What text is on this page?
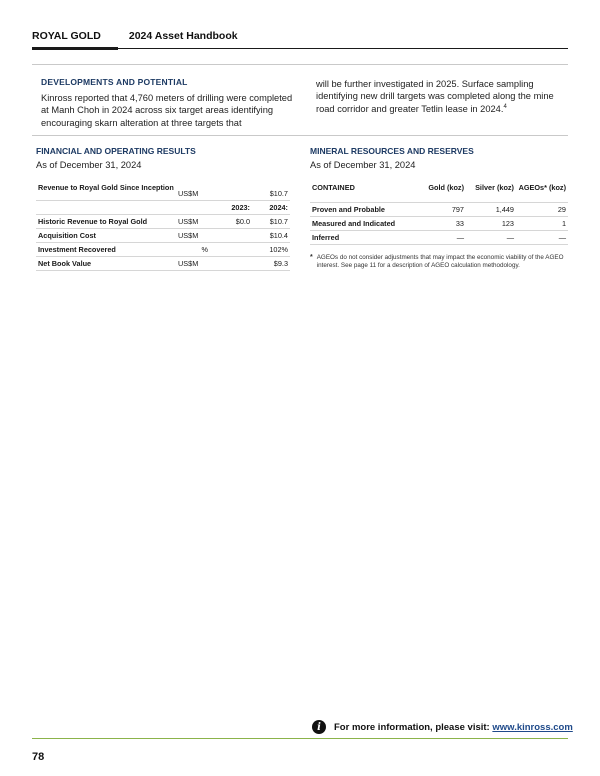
ROYAL GOLD	2024 Asset Handbook
DEVELOPMENTS AND POTENTIAL
Kinross reported that 4,760 meters of drilling were completed at Manh Choh in 2024 across six target areas identifying encouraging skarn alteration at three targets that
will be further investigated in 2025. Surface sampling identifying new drill targets was completed along the mine road corridor and greater Tetlin lease in 2024.$^4$
FINANCIAL AND OPERATING RESULTS
As of December 31, 2024
Revenue to Royal Gold Since Inception	US$M		$10.7
		2023:	2024:
Historic Revenue to Royal Gold	US$M	$0.0	$10.7
Acquisition Cost	US$M		$10.4
Investment Recovered	%		102%
Net Book Value	US$M		$9.3
MINERAL RESOURCES AND RESERVES
As of December 31, 2024
CONTAINED	Gold (koz)	Silver (koz)	AGEOs* (koz)
Proven and Probable	797	1,449	29
Measured and Indicated	33	123	1
Inferred	—	—	—
* AGEOs do not consider adjustments that may impact the economic viability of the AGEO interest. See page 11 for a description of AGEO calculation methodology.
i	For more information, please visit: www.kinross.com
78
